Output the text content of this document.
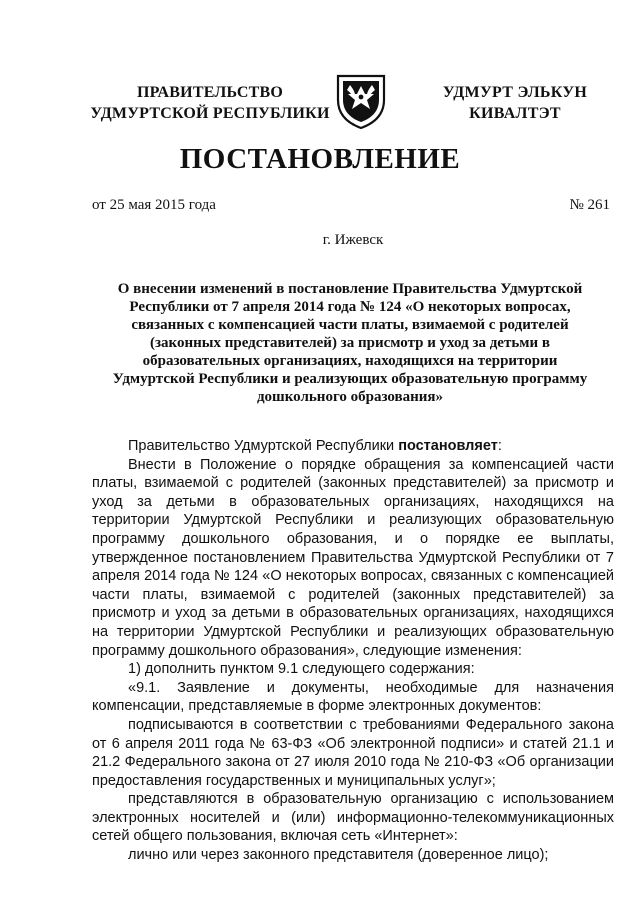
ПРАВИТЕЛЬСТВО
УДМУРТСКОЙ РЕСПУБЛИКИ
УДМУРТ ЭЛЬКУН
КИВАЛТЭТ
ПОСТАНОВЛЕНИЕ
от 25 мая 2015 года	№ 261
г. Ижевск
О внесении изменений в постановление Правительства Удмуртской Республики от 7 апреля 2014 года № 124 «О некоторых вопросах, связанных с компенсацией части платы, взимаемой с родителей (законных представителей) за присмотр и уход за детьми в образовательных организациях, находящихся на территории Удмуртской Республики и реализующих образовательную программу дошкольного образования»

Правительство Удмуртской Республики постановляет:

Внести в Положение о порядке обращения за компенсацией части платы, взимаемой с родителей (законных представителей) за присмотр и уход за детьми в образовательных организациях, находящихся на территории Удмуртской Республики и реализующих образовательную программу дошкольного образования, и о порядке ее выплаты, утвержденное постановлением Правительства Удмуртской Республики от 7 апреля 2014 года № 124 «О некоторых вопросах, связанных с компенсацией части платы, взимаемой с родителей (законных представителей) за присмотр и уход за детьми в образовательных организациях, находящихся на территории Удмуртской Республики и реализующих образовательную программу дошкольного образования», следующие изменения:

1) дополнить пунктом 9.1 следующего содержания:

«9.1. Заявление и документы, необходимые для назначения компенсации, представляемые в форме электронных документов:

подписываются в соответствии с требованиями Федерального закона от 6 апреля 2011 года № 63-ФЗ «Об электронной подписи» и статей 21.1 и 21.2 Федерального закона от 27 июля 2010 года № 210-ФЗ «Об организации предоставления государственных и муниципальных услуг»;

представляются в образовательную организацию с использованием электронных носителей и (или) информационно-телекоммуникационных сетей общего пользования, включая сеть «Интернет»:

лично или через законного представителя (доверенное лицо);
